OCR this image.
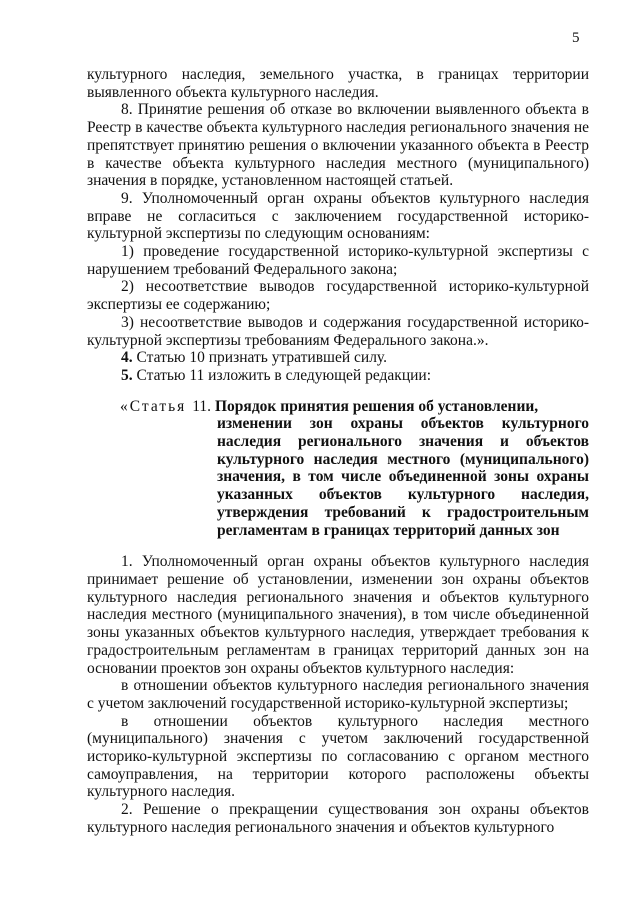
5

культурного наследия, земельного участка, в границах территории выявленного объекта культурного наследия.

8. Принятие решения об отказе во включении выявленного объекта в Реестр в качестве объекта культурного наследия регионального значения не препятствует принятию решения о включении указанного объекта в Реестр в качестве объекта культурного наследия местного (муниципального) значения в порядке, установленном настоящей статьей.

9. Уполномоченный орган охраны объектов культурного наследия вправе не согласиться с заключением государственной историко-культурной экспертизы по следующим основаниям:

1) проведение государственной историко-культурной экспертизы с нарушением требований Федерального закона;

2) несоответствие выводов государственной историко-культурной экспертизы ее содержанию;

3) несоответствие выводов и содержания государственной историко-культурной экспертизы требованиям Федерального закона.».

4. Статью 10 признать утратившей силу.

5. Статью 11 изложить в следующей редакции:

«Статья 11. Порядок принятия решения об установлении,
изменении зон охраны объектов культурного наследия регионального значения и объектов культурного наследия местного (муниципального) значения, в том числе объединенной зоны охраны указанных объектов культурного наследия, утверждения требований к градостроительным регламентам в границах территорий данных зон

1. Уполномоченный орган охраны объектов культурного наследия принимает решение об установлении, изменении зон охраны объектов культурного наследия регионального значения и объектов культурного наследия местного (муниципального значения), в том числе объединенной зоны указанных объектов культурного наследия, утверждает требования к градостроительным регламентам в границах территорий данных зон на основании проектов зон охраны объектов культурного наследия:

в отношении объектов культурного наследия регионального значения с учетом заключений государственной историко-культурной экспертизы;

в отношении объектов культурного наследия местного (муниципального) значения с учетом заключений государственной историко-культурной экспертизы по согласованию с органом местного самоуправления, на территории которого расположены объекты культурного наследия.

2. Решение о прекращении существования зон охраны объектов культурного наследия регионального значения и объектов культурного
